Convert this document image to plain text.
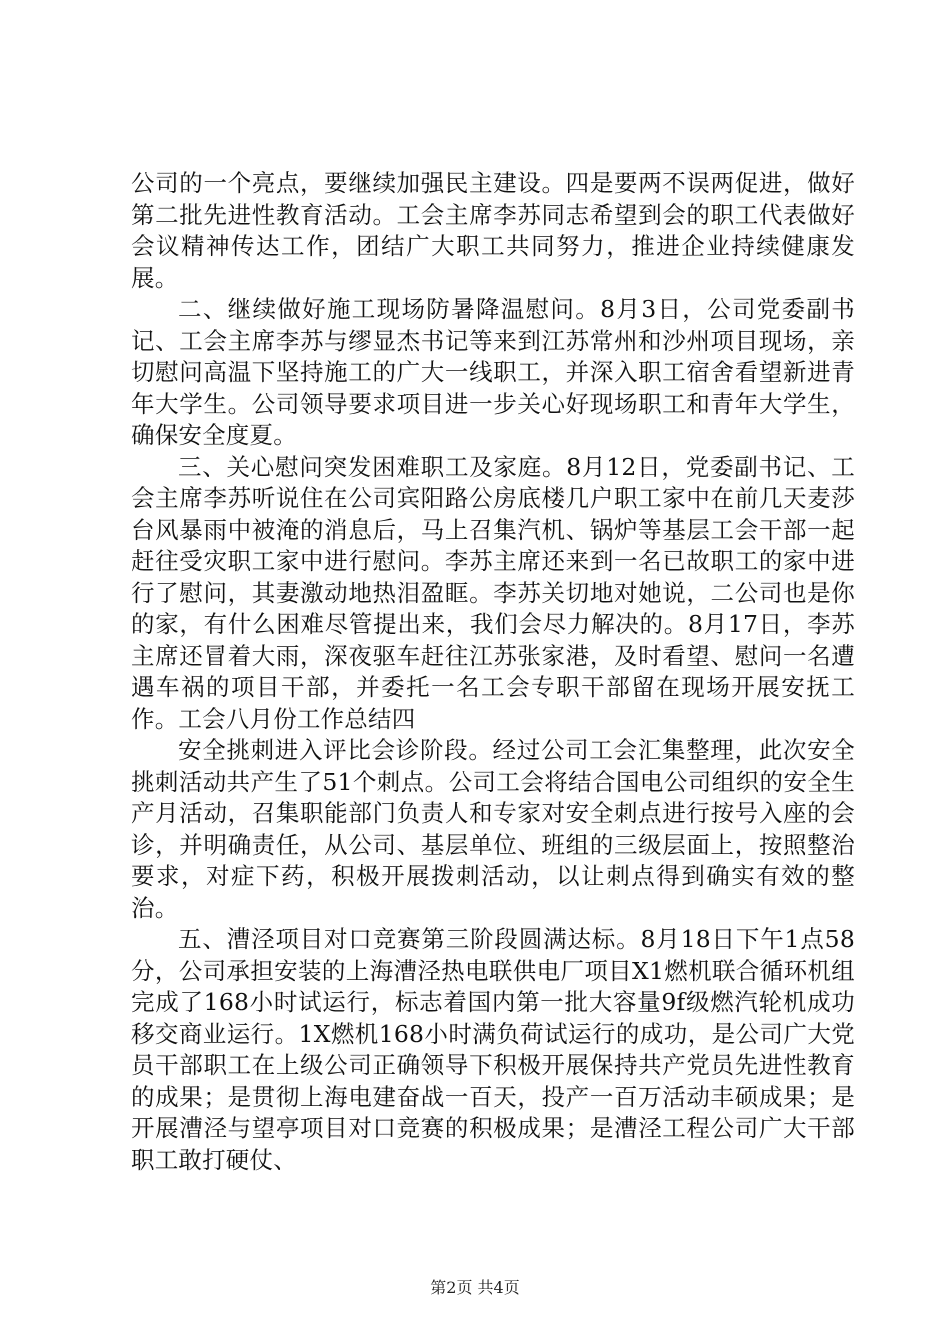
公司的一个亮点，要继续加强民主建设。四是要两不误两促进，做好第二批先进性教育活动。工会主席李苏同志希望到会的职工代表做好会议精神传达工作，团结广大职工共同努力，推进企业持续健康发展。

二、继续做好施工现场防暑降温慰问。8月3日，公司党委副书记、工会主席李苏与缪显杰书记等来到江苏常州和沙州项目现场，亲切慰问高温下坚持施工的广大一线职工，并深入职工宿舍看望新进青年大学生。公司领导要求项目进一步关心好现场职工和青年大学生，确保安全度夏。

三、关心慰问突发困难职工及家庭。8月12日，党委副书记、工会主席李苏听说住在公司宾阳路公房底楼几户职工家中在前几天麦莎台风暴雨中被淹的消息后，马上召集汽机、锅炉等基层工会干部一起赶往受灾职工家中进行慰问。李苏主席还来到一名已故职工的家中进行了慰问，其妻激动地热泪盈眶。李苏关切地对她说，二公司也是你的家，有什么困难尽管提出来，我们会尽力解决的。8月17日，李苏主席还冒着大雨，深夜驱车赶往江苏张家港，及时看望、慰问一名遭遇车祸的项目干部，并委托一名工会专职干部留在现场开展安抚工作。工会八月份工作总结四

安全挑刺进入评比会诊阶段。经过公司工会汇集整理，此次安全挑刺活动共产生了51个刺点。公司工会将结合国电公司组织的安全生产月活动，召集职能部门负责人和专家对安全刺点进行按号入座的会诊，并明确责任，从公司、基层单位、班组的三级层面上，按照整治要求，对症下药，积极开展拨刺活动，以让刺点得到确实有效的整治。

五、漕泾项目对口竞赛第三阶段圆满达标。8月18日下午1点58分，公司承担安装的上海漕泾热电联供电厂项目X1燃机联合循环机组完成了168小时试运行，标志着国内第一批大容量9f级燃汽轮机成功移交商业运行。1X燃机168小时满负荷试运行的成功，是公司广大党员干部职工在上级公司正确领导下积极开展保持共产党员先进性教育的成果；是贯彻上海电建奋战一百天，投产一百万活动丰硕成果；是开展漕泾与望亭项目对口竞赛的积极成果；是漕泾工程公司广大干部职工敢打硬仗、

第2页 共4页
